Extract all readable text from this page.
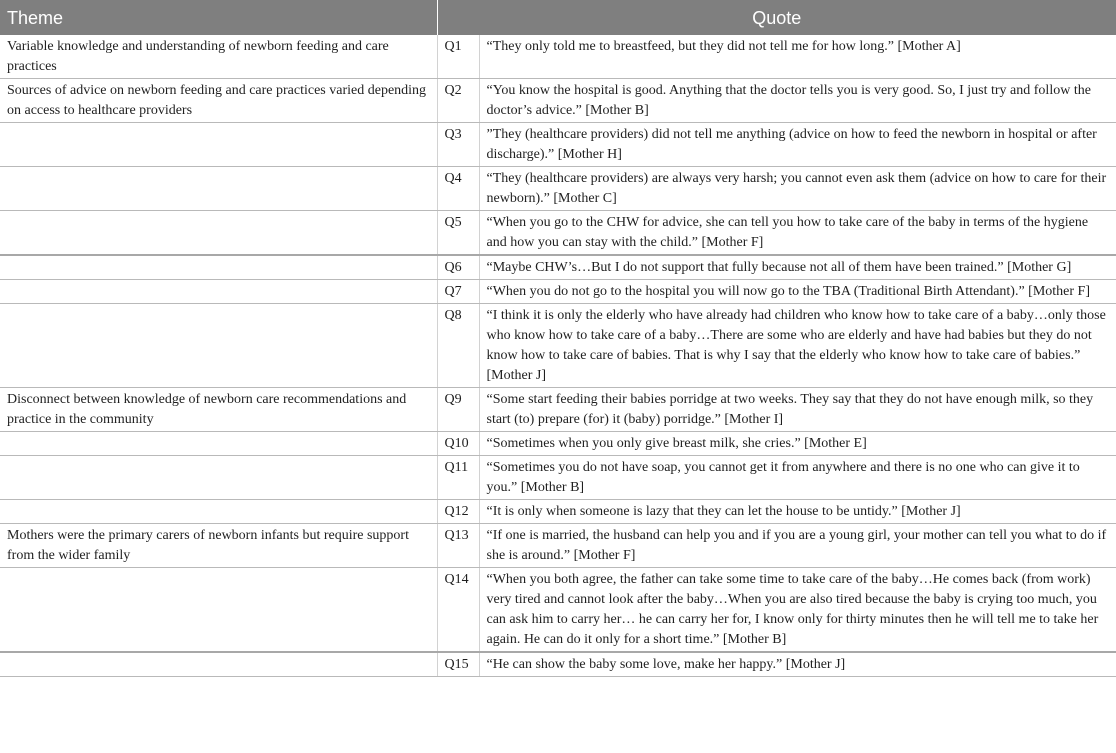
Theme	Quote	
Variable knowledge and understanding of newborn feeding and care practices	Q1	“They only told me to breastfeed, but they did not tell me for how long.” [Mother A]
Sources of advice on newborn feeding and care practices varied depending on access to healthcare providers	Q2	“You know the hospital is good. Anything that the doctor tells you is very good. So, I just try and follow the doctor’s advice.” [Mother B]
	Q3	”They (healthcare providers) did not tell me anything (advice on how to feed the newborn in hospital or after discharge).” [Mother H]
	Q4	“They (healthcare providers) are always very harsh; you cannot even ask them (advice on how to care for their newborn).” [Mother C]
	Q5	“When you go to the CHW for advice, she can tell you how to take care of the baby in terms of the hygiene and how you can stay with the child.” [Mother F]
	Q6	“Maybe CHW’s…But I do not support that fully because not all of them have been trained.” [Mother G]
	Q7	“When you do not go to the hospital you will now go to the TBA (Traditional Birth Attendant).” [Mother F]
	Q8	“I think it is only the elderly who have already had children who know how to take care of a baby…only those who know how to take care of a baby…There are some who are elderly and have had babies but they do not know how to take care of babies. That is why I say that the elderly who know how to take care of babies.” [Mother J]
Disconnect between knowledge of newborn care recommendations and practice in the community	Q9	“Some start feeding their babies porridge at two weeks. They say that they do not have enough milk, so they start (to) prepare (for) it (baby) porridge.” [Mother I]
	Q10	“Sometimes when you only give breast milk, she cries.” [Mother E]
	Q11	“Sometimes you do not have soap, you cannot get it from anywhere and there is no one who can give it to you.” [Mother B]
	Q12	“It is only when someone is lazy that they can let the house to be untidy.” [Mother J]
Mothers were the primary carers of newborn infants but require support from the wider family	Q13	“If one is married, the husband can help you and if you are a young girl, your mother can tell you what to do if she is around.” [Mother F]
	Q14	“When you both agree, the father can take some time to take care of the baby…He comes back (from work) very tired and cannot look after the baby…When you are also tired because the baby is crying too much, you can ask him to carry her… he can carry her for, I know only for thirty minutes then he will tell me to take her again. He can do it only for a short time.” [Mother B]
	Q15	“He can show the baby some love, make her happy.” [Mother J]
